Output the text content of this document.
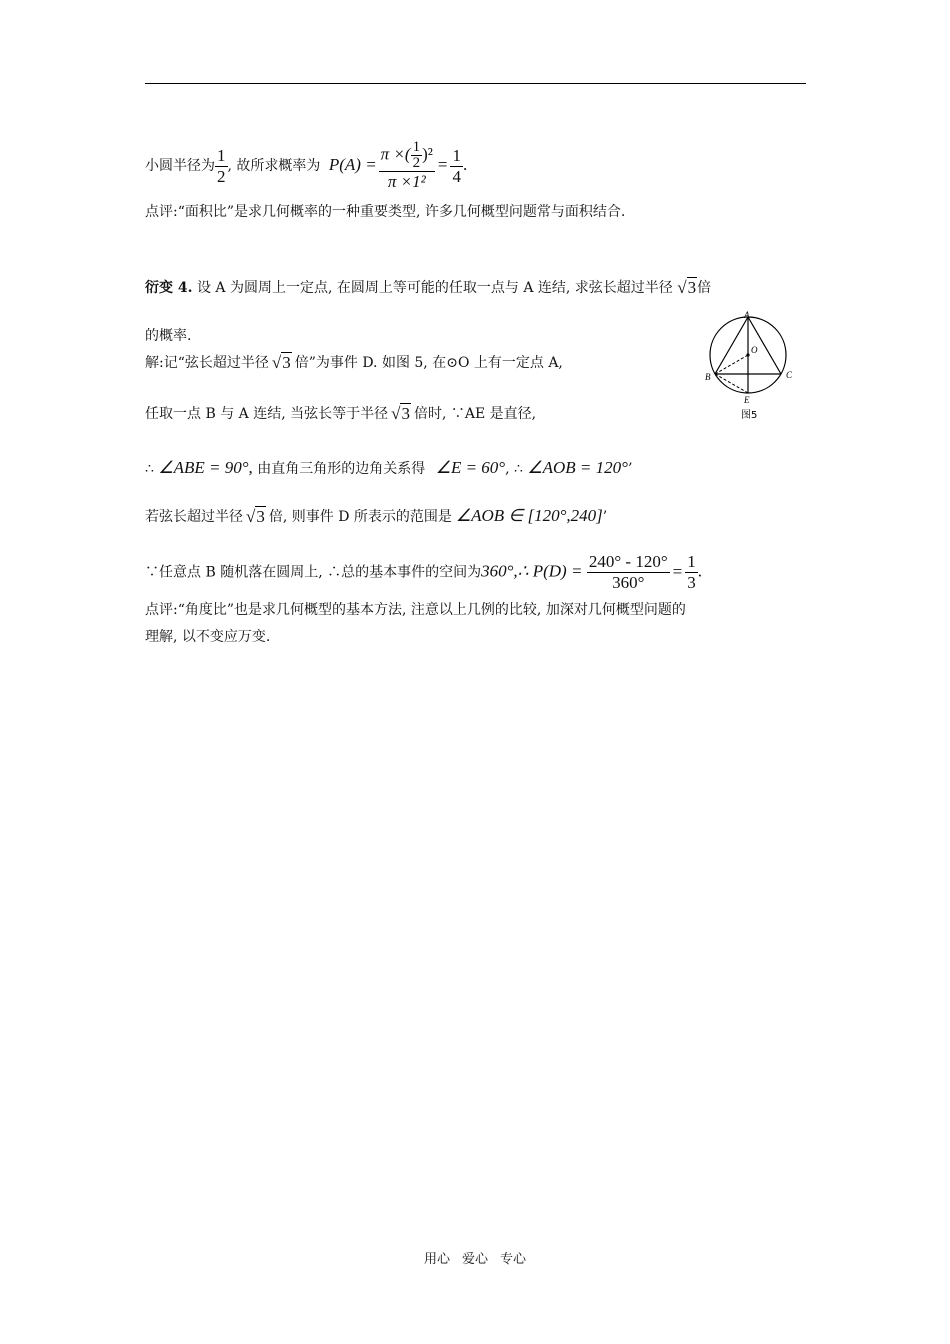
小圆半径为 $\frac{1}{2}$ , 故所求概率为 $P(A) = \frac{\pi \times( \frac{1}{2} )^2}{\text{π ×1²}} = \frac{1}{4}$ .
点评:“面积比”是求几何概率的一种重要类型, 许多几何概型问题常与面积结合.
衍变 4. 设 A 为圆周上一定点, 在圆周上等可能的任取一点与 A 连结, 求弦长超过半径 √3倍
的概率.
解:记“弦长超过半径 √3 倍”为事件 D. 如图 5, 在⊙O 上有一定点 A,
任取一点 B 与 A 连结, 当弦长等于半径 √3 倍时, ∵AE 是直径,
∴ ∠ABE = 90°, 由直角三角形的边角关系得 ∠E = 60°, ∴ ∠AOB = 120°’
若弦长超过半径 √3 倍, 则事件 D 所表示的范围是 ∠AOB ∈ [120°,240]’
∵任意点 B 随机落在圆周上, ∴总的基本事件的空间为360°,∴ $P(D) = \frac{240^\circ - 120^\circ}{360^\circ} = \frac{1}{3}$ .
点评:“角度比”也是求几何概型的基本方法, 注意以上几例的比较, 加深对几何概型问题的
理解, 以不变应万变.
A
O
B	C
E
图5
用心 爱心 专心
